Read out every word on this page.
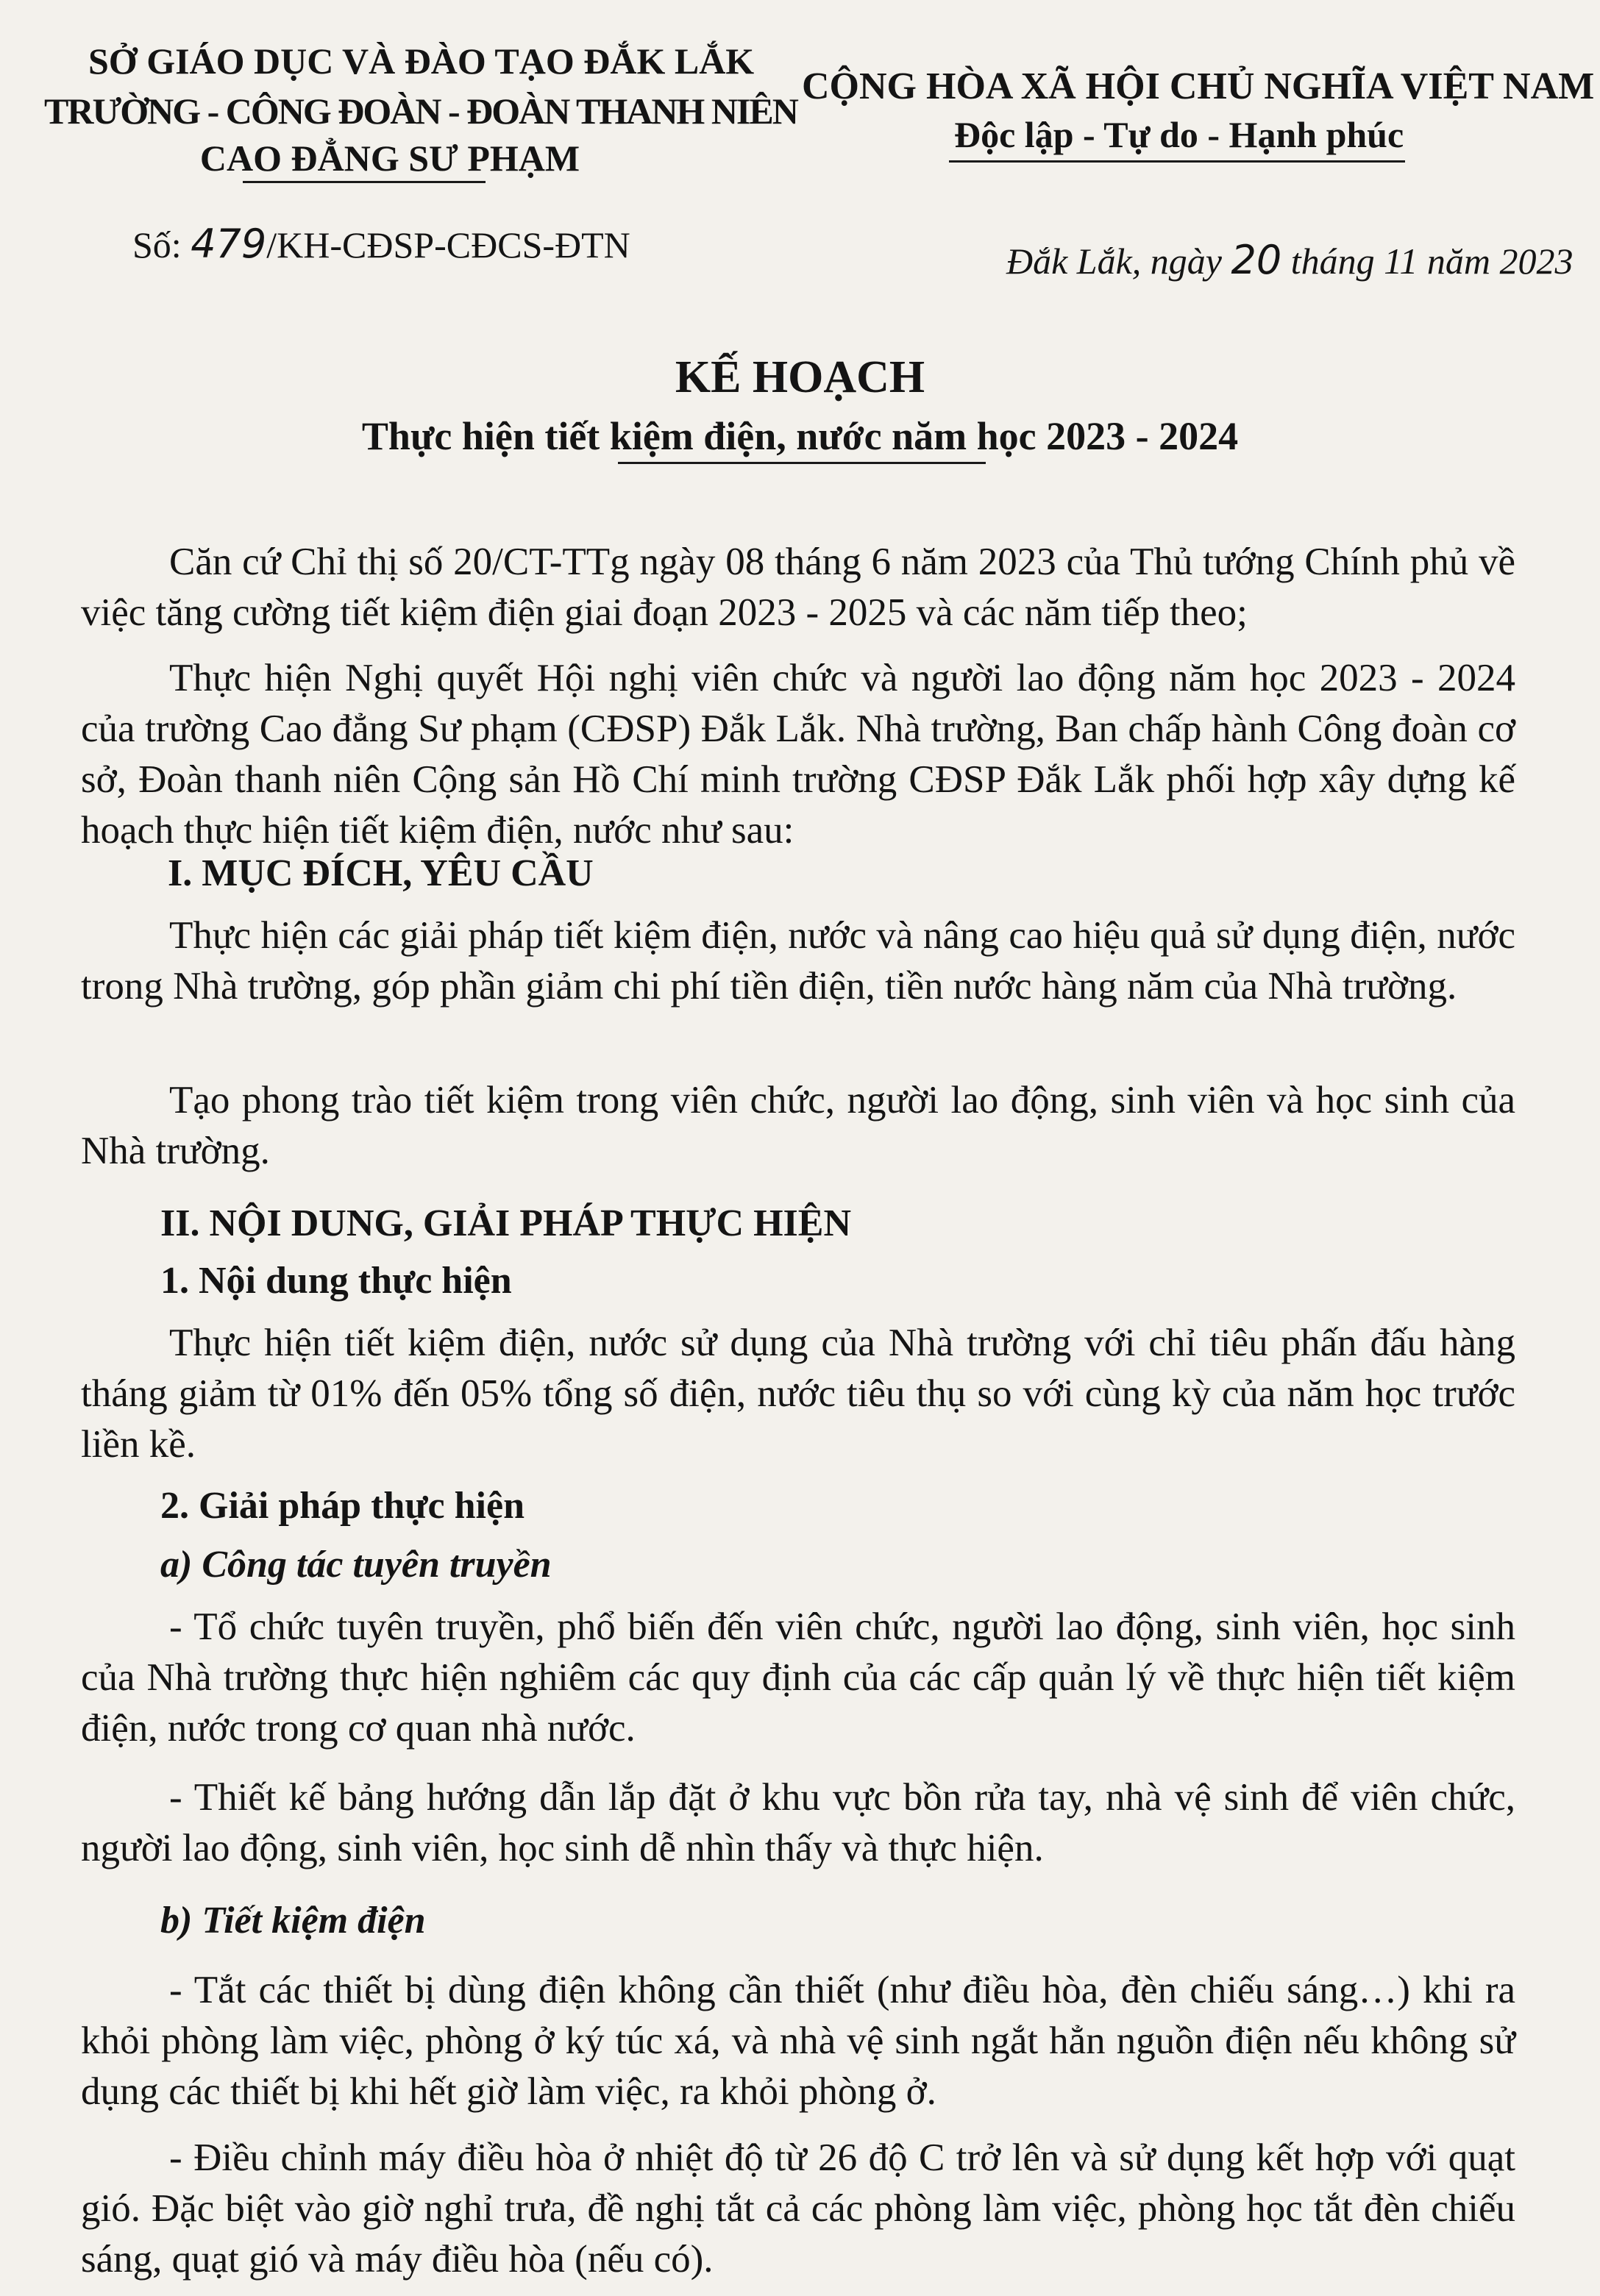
SỞ GIÁO DỤC VÀ ĐÀO TẠO ĐẮK LẮK
TRƯỜNG - CÔNG ĐOÀN - ĐOÀN THANH NIÊN
CAO ĐẲNG SƯ PHẠM
CỘNG HÒA XÃ HỘI CHỦ NGHĨA VIỆT NAM
Độc lập - Tự do - Hạnh phúc
Số: 479/KH-CĐSP-CĐCS-ĐTN	Đắk Lắk, ngày 20 tháng 11 năm 2023
KẾ HOẠCH
Thực hiện tiết kiệm điện, nước năm học 2023 - 2024
Căn cứ Chỉ thị số 20/CT-TTg ngày 08 tháng 6 năm 2023 của Thủ tướng Chính phủ về việc tăng cường tiết kiệm điện giai đoạn 2023 - 2025 và các năm tiếp theo;
Thực hiện Nghị quyết Hội nghị viên chức và người lao động năm học 2023 - 2024 của trường Cao đẳng Sư phạm (CĐSP) Đắk Lắk. Nhà trường, Ban chấp hành Công đoàn cơ sở, Đoàn thanh niên Cộng sản Hồ Chí minh trường CĐSP Đắk Lắk phối hợp xây dựng kế hoạch thực hiện tiết kiệm điện, nước như sau:
I. MỤC ĐÍCH, YÊU CẦU
Thực hiện các giải pháp tiết kiệm điện, nước và nâng cao hiệu quả sử dụng điện, nước trong Nhà trường, góp phần giảm chi phí tiền điện, tiền nước hàng năm của Nhà trường.
Tạo phong trào tiết kiệm trong viên chức, người lao động, sinh viên và học sinh của Nhà trường.
II. NỘI DUNG, GIẢI PHÁP THỰC HIỆN
1. Nội dung thực hiện
Thực hiện tiết kiệm điện, nước sử dụng của Nhà trường với chỉ tiêu phấn đấu hàng tháng giảm từ 01% đến 05% tổng số điện, nước tiêu thụ so với cùng kỳ của năm học trước liền kề.
2. Giải pháp thực hiện
a) Công tác tuyên truyền
- Tổ chức tuyên truyền, phổ biến đến viên chức, người lao động, sinh viên, học sinh của Nhà trường thực hiện nghiêm các quy định của các cấp quản lý về thực hiện tiết kiệm điện, nước trong cơ quan nhà nước.
- Thiết kế bảng hướng dẫn lắp đặt ở khu vực bồn rửa tay, nhà vệ sinh để viên chức, người lao động, sinh viên, học sinh dễ nhìn thấy và thực hiện.
b) Tiết kiệm điện
- Tắt các thiết bị dùng điện không cần thiết (như điều hòa, đèn chiếu sáng…) khi ra khỏi phòng làm việc, phòng ở ký túc xá, và nhà vệ sinh ngắt hẳn nguồn điện nếu không sử dụng các thiết bị khi hết giờ làm việc, ra khỏi phòng ở.
- Điều chỉnh máy điều hòa ở nhiệt độ từ 26 độ C trở lên và sử dụng kết hợp với quạt gió. Đặc biệt vào giờ nghỉ trưa, đề nghị tắt cả các phòng làm việc, phòng học tắt đèn chiếu sáng, quạt gió và máy điều hòa (nếu có).
